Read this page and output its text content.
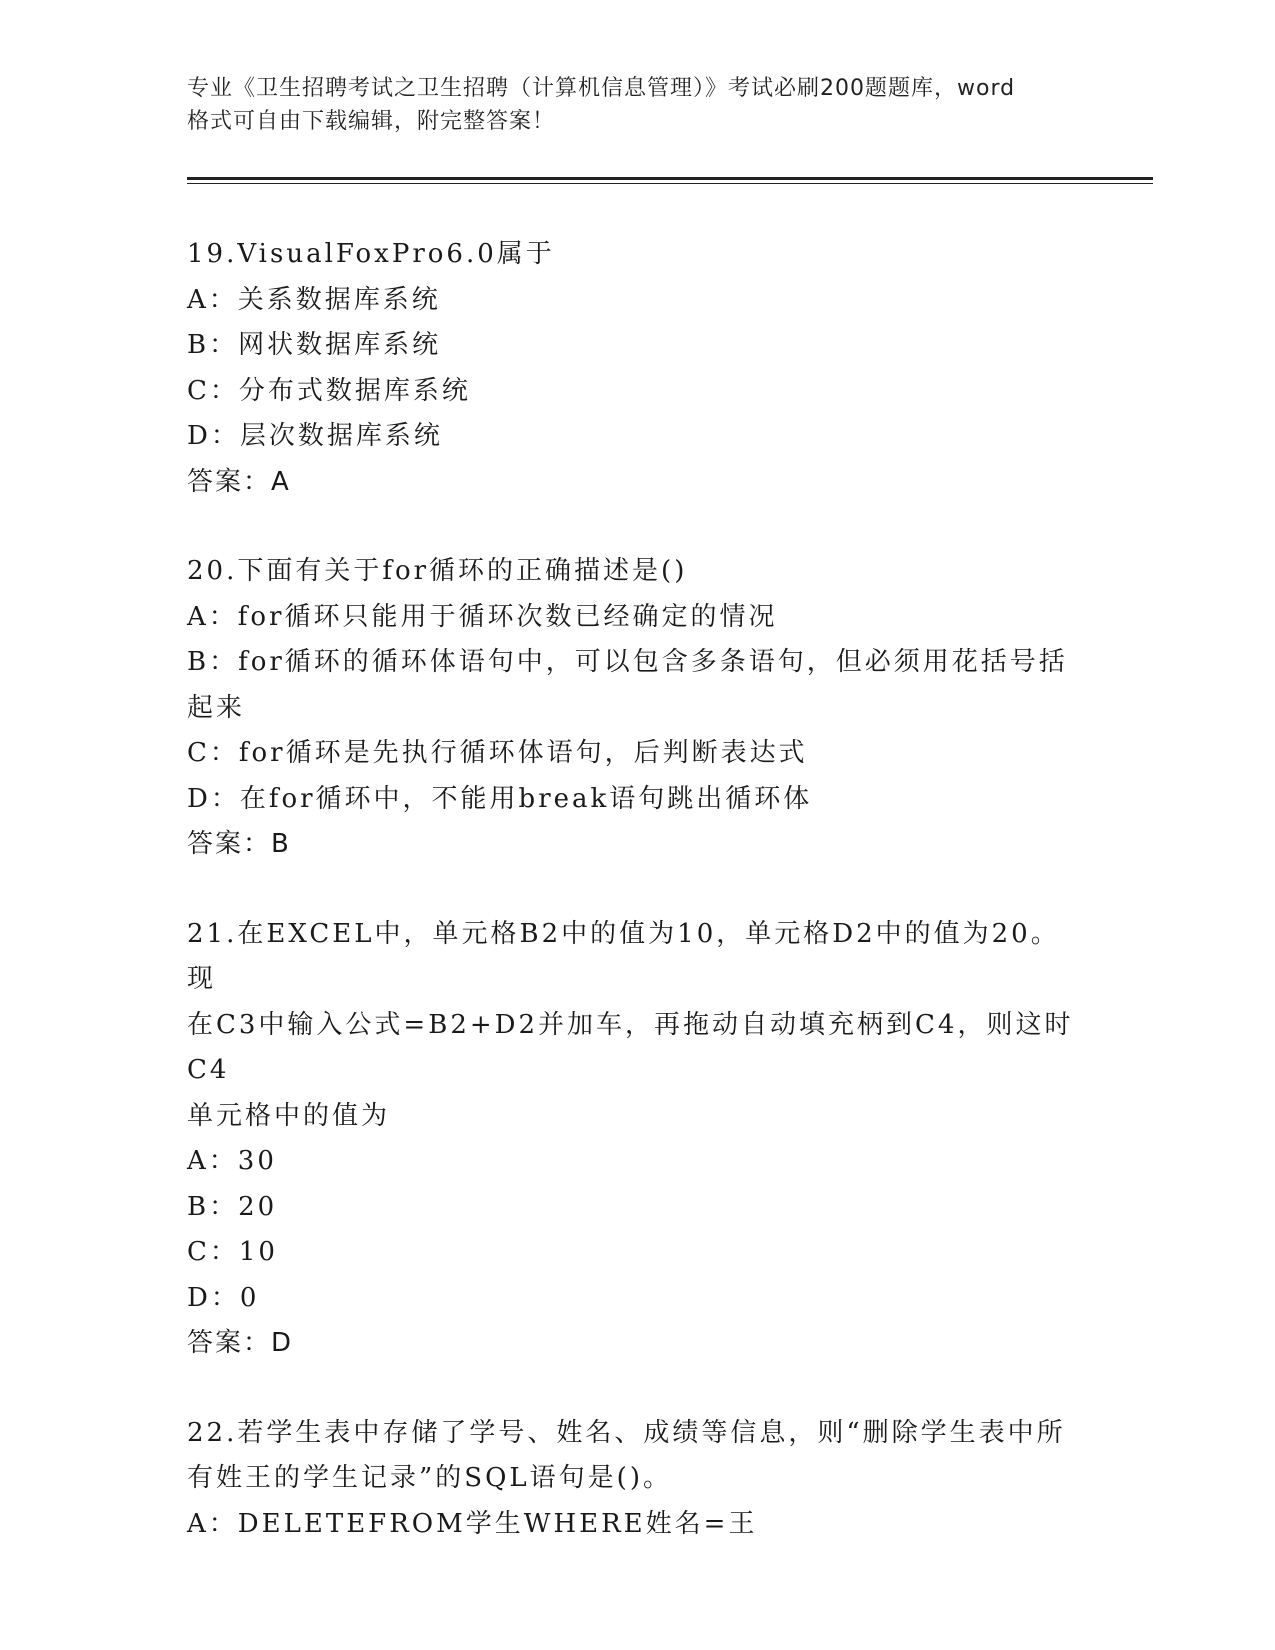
专业《卫生招聘考试之卫生招聘（计算机信息管理）》考试必刷200题题库，word
格式可自由下载编辑，附完整答案！

19.VisualFoxPro6.0属于

A：关系数据库系统

B：网状数据库系统

C：分布式数据库系统

D：层次数据库系统

答案：A

20.下面有关于for循环的正确描述是()

A：for循环只能用于循环次数已经确定的情况

B：for循环的循环体语句中，可以包含多条语句，但必须用花括号括

起来

C：for循环是先执行循环体语句，后判断表达式

D：在for循环中，不能用break语句跳出循环体

答案：B

21.在EXCEL中，单元格B2中的值为10，单元格D2中的值为20。现

在C3中输入公式=B2+D2并加车，再拖动自动填充柄到C4，则这时C4

单元格中的值为

A：30

B：20

C：10

D：0

答案：D

22.若学生表中存储了学号、姓名、成绩等信息，则“删除学生表中所

有姓王的学生记录”的SQL语句是()。

A：DELETEFROM学生WHERE姓名=王
